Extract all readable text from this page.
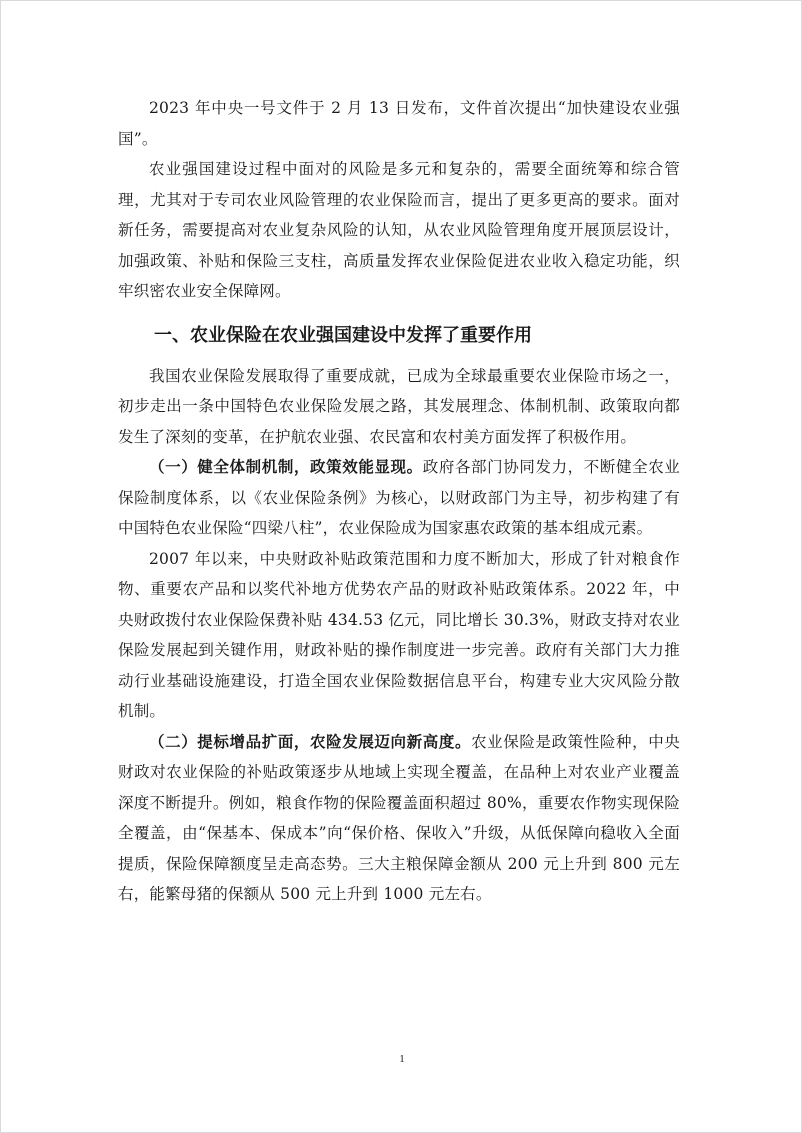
2023 年中央一号文件于 2 月 13 日发布，文件首次提出“加快建设农业强国”。

农业强国建设过程中面对的风险是多元和复杂的，需要全面统筹和综合管理，尤其对于专司农业风险管理的农业保险而言，提出了更多更高的要求。面对新任务，需要提高对农业复杂风险的认知，从农业风险管理角度开展顶层设计，加强政策、补贴和保险三支柱，高质量发挥农业保险促进农业收入稳定功能，织牢织密农业安全保障网。

一、农业保险在农业强国建设中发挥了重要作用

我国农业保险发展取得了重要成就，已成为全球最重要农业保险市场之一，初步走出一条中国特色农业保险发展之路，其发展理念、体制机制、政策取向都发生了深刻的变革，在护航农业强、农民富和农村美方面发挥了积极作用。

（一）健全体制机制，政策效能显现。政府各部门协同发力，不断健全农业保险制度体系，以《农业保险条例》为核心，以财政部门为主导，初步构建了有中国特色农业保险“四梁八柱”，农业保险成为国家惠农政策的基本组成元素。

2007 年以来，中央财政补贴政策范围和力度不断加大，形成了针对粮食作物、重要农产品和以奖代补地方优势农产品的财政补贴政策体系。2022 年，中央财政拨付农业保险保费补贴 434.53 亿元，同比增长 30.3%，财政支持对农业保险发展起到关键作用，财政补贴的操作制度进一步完善。政府有关部门大力推动行业基础设施建设，打造全国农业保险数据信息平台，构建专业大灾风险分散机制。

（二）提标增品扩面，农险发展迈向新高度。农业保险是政策性险种，中央财政对农业保险的补贴政策逐步从地域上实现全覆盖，在品种上对农业产业覆盖深度不断提升。例如，粮食作物的保险覆盖面积超过 80%，重要农作物实现保险全覆盖，由“保基本、保成本”向“保价格、保收入”升级，从低保障向稳收入全面提质，保险保障额度呈走高态势。三大主粮保障金额从 200 元上升到 800 元左右，能繁母猪的保额从 500 元上升到 1000 元左右。

1
